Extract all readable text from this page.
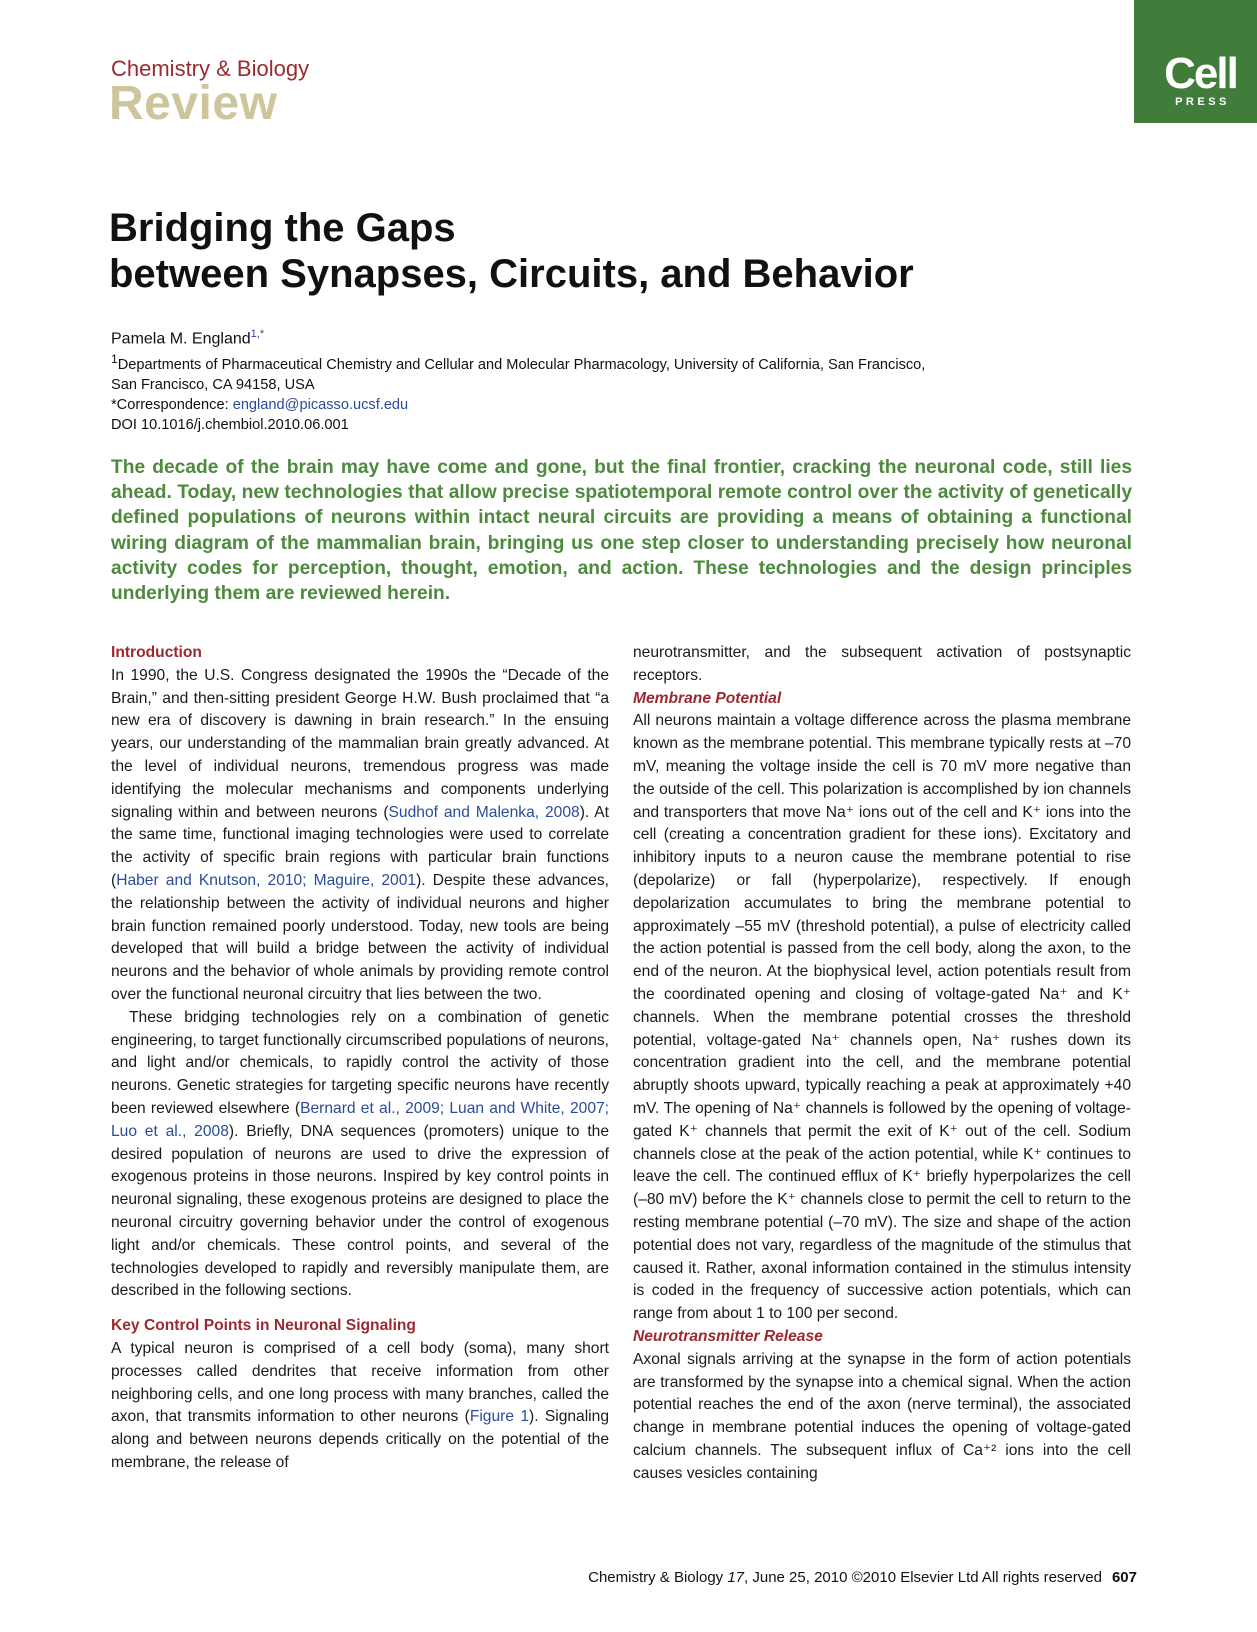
Chemistry & Biology
Review
Cell
PRESS
Bridging the Gaps
between Synapses, Circuits, and Behavior
Pamela M. England$^{1,*}$
$^1$Departments of Pharmaceutical Chemistry and Cellular and Molecular Pharmacology, University of California, San Francisco,
San Francisco, CA 94158, USA
*Correspondence: england@picasso.ucsf.edu
DOI 10.1016/j.chembiol.2010.06.001

The decade of the brain may have come and gone, but the final frontier, cracking the neuronal code, still lies ahead. Today, new technologies that allow precise spatiotemporal remote control over the activity of genetically defined populations of neurons within intact neural circuits are providing a means of obtaining a functional wiring diagram of the mammalian brain, bringing us one step closer to understanding precisely how neuronal activity codes for perception, thought, emotion, and action. These technologies and the design principles underlying them are reviewed herein.

Introduction

In 1990, the U.S. Congress designated the 1990s the “Decade of the Brain,” and then-sitting president George H.W. Bush proclaimed that “a new era of discovery is dawning in brain research.” In the ensuing years, our understanding of the mammalian brain greatly advanced. At the level of individual neurons, tremendous progress was made identifying the molecular mechanisms and components underlying signaling within and between neurons (Sudhof and Malenka, 2008). At the same time, functional imaging technologies were used to correlate the activity of specific brain regions with particular brain functions (Haber and Knutson, 2010; Maguire, 2001). Despite these advances, the relationship between the activity of individual neurons and higher brain function remained poorly understood. Today, new tools are being developed that will build a bridge between the activity of individual neurons and the behavior of whole animals by providing remote control over the functional neuronal circuitry that lies between the two.

These bridging technologies rely on a combination of genetic engineering, to target functionally circumscribed populations of neurons, and light and/or chemicals, to rapidly control the activity of those neurons. Genetic strategies for targeting specific neurons have recently been reviewed elsewhere (Bernard et al., 2009; Luan and White, 2007; Luo et al., 2008). Briefly, DNA sequences (promoters) unique to the desired population of neurons are used to drive the expression of exogenous proteins in those neurons. Inspired by key control points in neuronal signaling, these exogenous proteins are designed to place the neuronal circuitry governing behavior under the control of exogenous light and/or chemicals. These control points, and several of the technologies developed to rapidly and reversibly manipulate them, are described in the following sections.

Key Control Points in Neuronal Signaling

A typical neuron is comprised of a cell body (soma), many short processes called dendrites that receive information from other neighboring cells, and one long process with many branches, called the axon, that transmits information to other neurons (Figure 1). Signaling along and between neurons depends critically on the potential of the membrane, the release of

neurotransmitter, and the subsequent activation of postsynaptic receptors.

Membrane Potential

All neurons maintain a voltage difference across the plasma membrane known as the membrane potential. This membrane typically rests at –70 mV, meaning the voltage inside the cell is 70 mV more negative than the outside of the cell. This polarization is accomplished by ion channels and transporters that move Na⁺ ions out of the cell and K⁺ ions into the cell (creating a concentration gradient for these ions). Excitatory and inhibitory inputs to a neuron cause the membrane potential to rise (depolarize) or fall (hyperpolarize), respectively. If enough depolarization accumulates to bring the membrane potential to approximately –55 mV (threshold potential), a pulse of electricity called the action potential is passed from the cell body, along the axon, to the end of the neuron. At the biophysical level, action potentials result from the coordinated opening and closing of voltage-gated Na⁺ and K⁺ channels. When the membrane potential crosses the threshold potential, voltage-gated Na⁺ channels open, Na⁺ rushes down its concentration gradient into the cell, and the membrane potential abruptly shoots upward, typically reaching a peak at approximately +40 mV. The opening of Na⁺ channels is followed by the opening of voltage-gated K⁺ channels that permit the exit of K⁺ out of the cell. Sodium channels close at the peak of the action potential, while K⁺ continues to leave the cell. The continued efflux of K⁺ briefly hyperpolarizes the cell (–80 mV) before the K⁺ channels close to permit the cell to return to the resting membrane potential (–70 mV). The size and shape of the action potential does not vary, regardless of the magnitude of the stimulus that caused it. Rather, axonal information contained in the stimulus intensity is coded in the frequency of successive action potentials, which can range from about 1 to 100 per second.

Neurotransmitter Release

Axonal signals arriving at the synapse in the form of action potentials are transformed by the synapse into a chemical signal. When the action potential reaches the end of the axon (nerve terminal), the associated change in membrane potential induces the opening of voltage-gated calcium channels. The subsequent influx of Ca⁺² ions into the cell causes vesicles containing

Chemistry & Biology 17, June 25, 2010 ©2010 Elsevier Ltd All rights reserved 607
